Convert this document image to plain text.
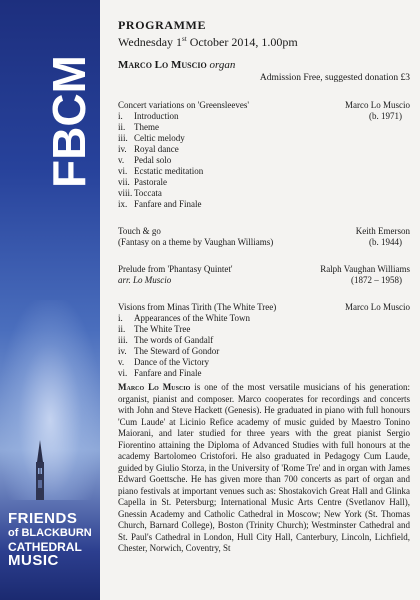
FBCM
FRIENDS
of BLACKBURN
CATHEDRAL
MUSIC
PROGRAMME
Wednesday 1st October 2014, 1.00pm
Marco Lo Muscio organ
Admission Free, suggested donation £3
Concert variations on 'Greensleeves'	Marco Lo Muscio
i.	Introduction	(b. 1971)
ii. Theme
iii. Celtic melody
iv. Royal dance
v.	Pedal solo
vi. Ecstatic meditation
vii. Pastorale
viii. Toccata
ix. Fanfare and Finale
Touch & go	Keith Emerson
(Fantasy on a theme by Vaughan Williams)	(b. 1944)
Prelude from 'Phantasy Quintet'	Ralph Vaughan Williams
arr. Lo Muscio	(1872 – 1958)
Visions from Minas Tirith (The White Tree)	Marco Lo Muscio
i.	Appearances of the White Town
ii. The White Tree
iii. The words of Gandalf
iv. The Steward of Gondor
v.	Dance of the Victory
vi. Fanfare and Finale
Marco Lo Muscio is one of the most versatile musicians of his generation: organist, pianist and composer. Marco cooperates for recordings and concerts with John and Steve Hackett (Genesis). He graduated in piano with full honours 'Cum Laude' at Licinio Refice academy of music guided by Maestro Tonino Maiorani, and later studied for three years with the great pianist Sergio Fiorentino attaining the Diploma of Advanced Studies with full honours at the academy Bartolomeo Cristofori. He also graduated in Pedagogy Cum Laude, guided by Giulio Storza, in the University of 'Rome Tre' and in organ with James Edward Goettsche. He has given more than 700 concerts as part of organ and piano festivals at important venues such as: Shostakovich Great Hall and Glinka Capella in St. Petersburg; International Music Arts Centre (Svetlanov Hall), Gnessin Academy and Catholic Cathedral in Moscow; New York (St. Thomas Church, Barnard College), Boston (Trinity Church); Westminster Cathedral and St. Paul's Cathedral in London, Hull City Hall, Canterbury, Lincoln, Lichfield, Chester, Norwich, Coventry, St
